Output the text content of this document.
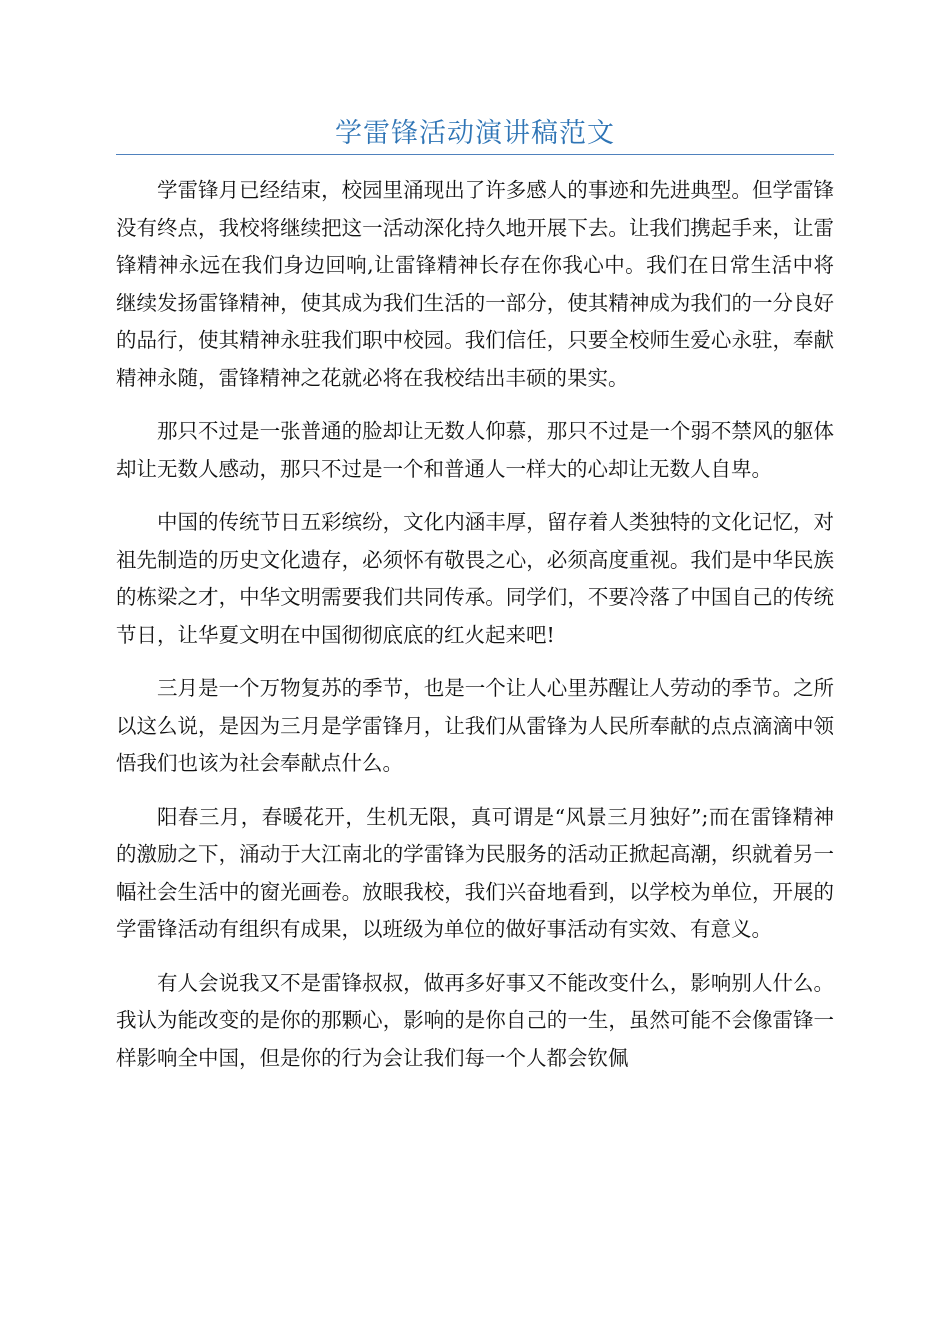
学雷锋活动演讲稿范文

学雷锋月已经结束，校园里涌现出了许多感人的事迹和先进典型。但学雷锋没有终点，我校将继续把这一活动深化持久地开展下去。让我们携起手来，让雷锋精神永远在我们身边回响,让雷锋精神长存在你我心中。我们在日常生活中将继续发扬雷锋精神，使其成为我们生活的一部分，使其精神成为我们的一分良好的品行，使其精神永驻我们职中校园。我们信任，只要全校师生爱心永驻，奉献精神永随，雷锋精神之花就必将在我校结出丰硕的果实。

那只不过是一张普通的脸却让无数人仰慕，那只不过是一个弱不禁风的躯体却让无数人感动，那只不过是一个和普通人一样大的心却让无数人自卑。

中国的传统节日五彩缤纷，文化内涵丰厚，留存着人类独特的文化记忆，对祖先制造的历史文化遗存，必须怀有敬畏之心，必须高度重视。我们是中华民族的栋梁之才，中华文明需要我们共同传承。同学们，不要冷落了中国自己的传统节日，让华夏文明在中国彻彻底底的红火起来吧!

三月是一个万物复苏的季节，也是一个让人心里苏醒让人劳动的季节。之所以这么说，是因为三月是学雷锋月，让我们从雷锋为人民所奉献的点点滴滴中领悟我们也该为社会奉献点什么。

阳春三月，春暖花开，生机无限，真可谓是“风景三月独好”;而在雷锋精神的激励之下，涌动于大江南北的学雷锋为民服务的活动正掀起高潮，织就着另一幅社会生活中的窗光画卷。放眼我校，我们兴奋地看到，以学校为单位，开展的学雷锋活动有组织有成果，以班级为单位的做好事活动有实效、有意义。

有人会说我又不是雷锋叔叔，做再多好事又不能改变什么，影响别人什么。我认为能改变的是你的那颗心，影响的是你自己的一生，虽然可能不会像雷锋一样影响全中国，但是你的行为会让我们每一个人都会钦佩
